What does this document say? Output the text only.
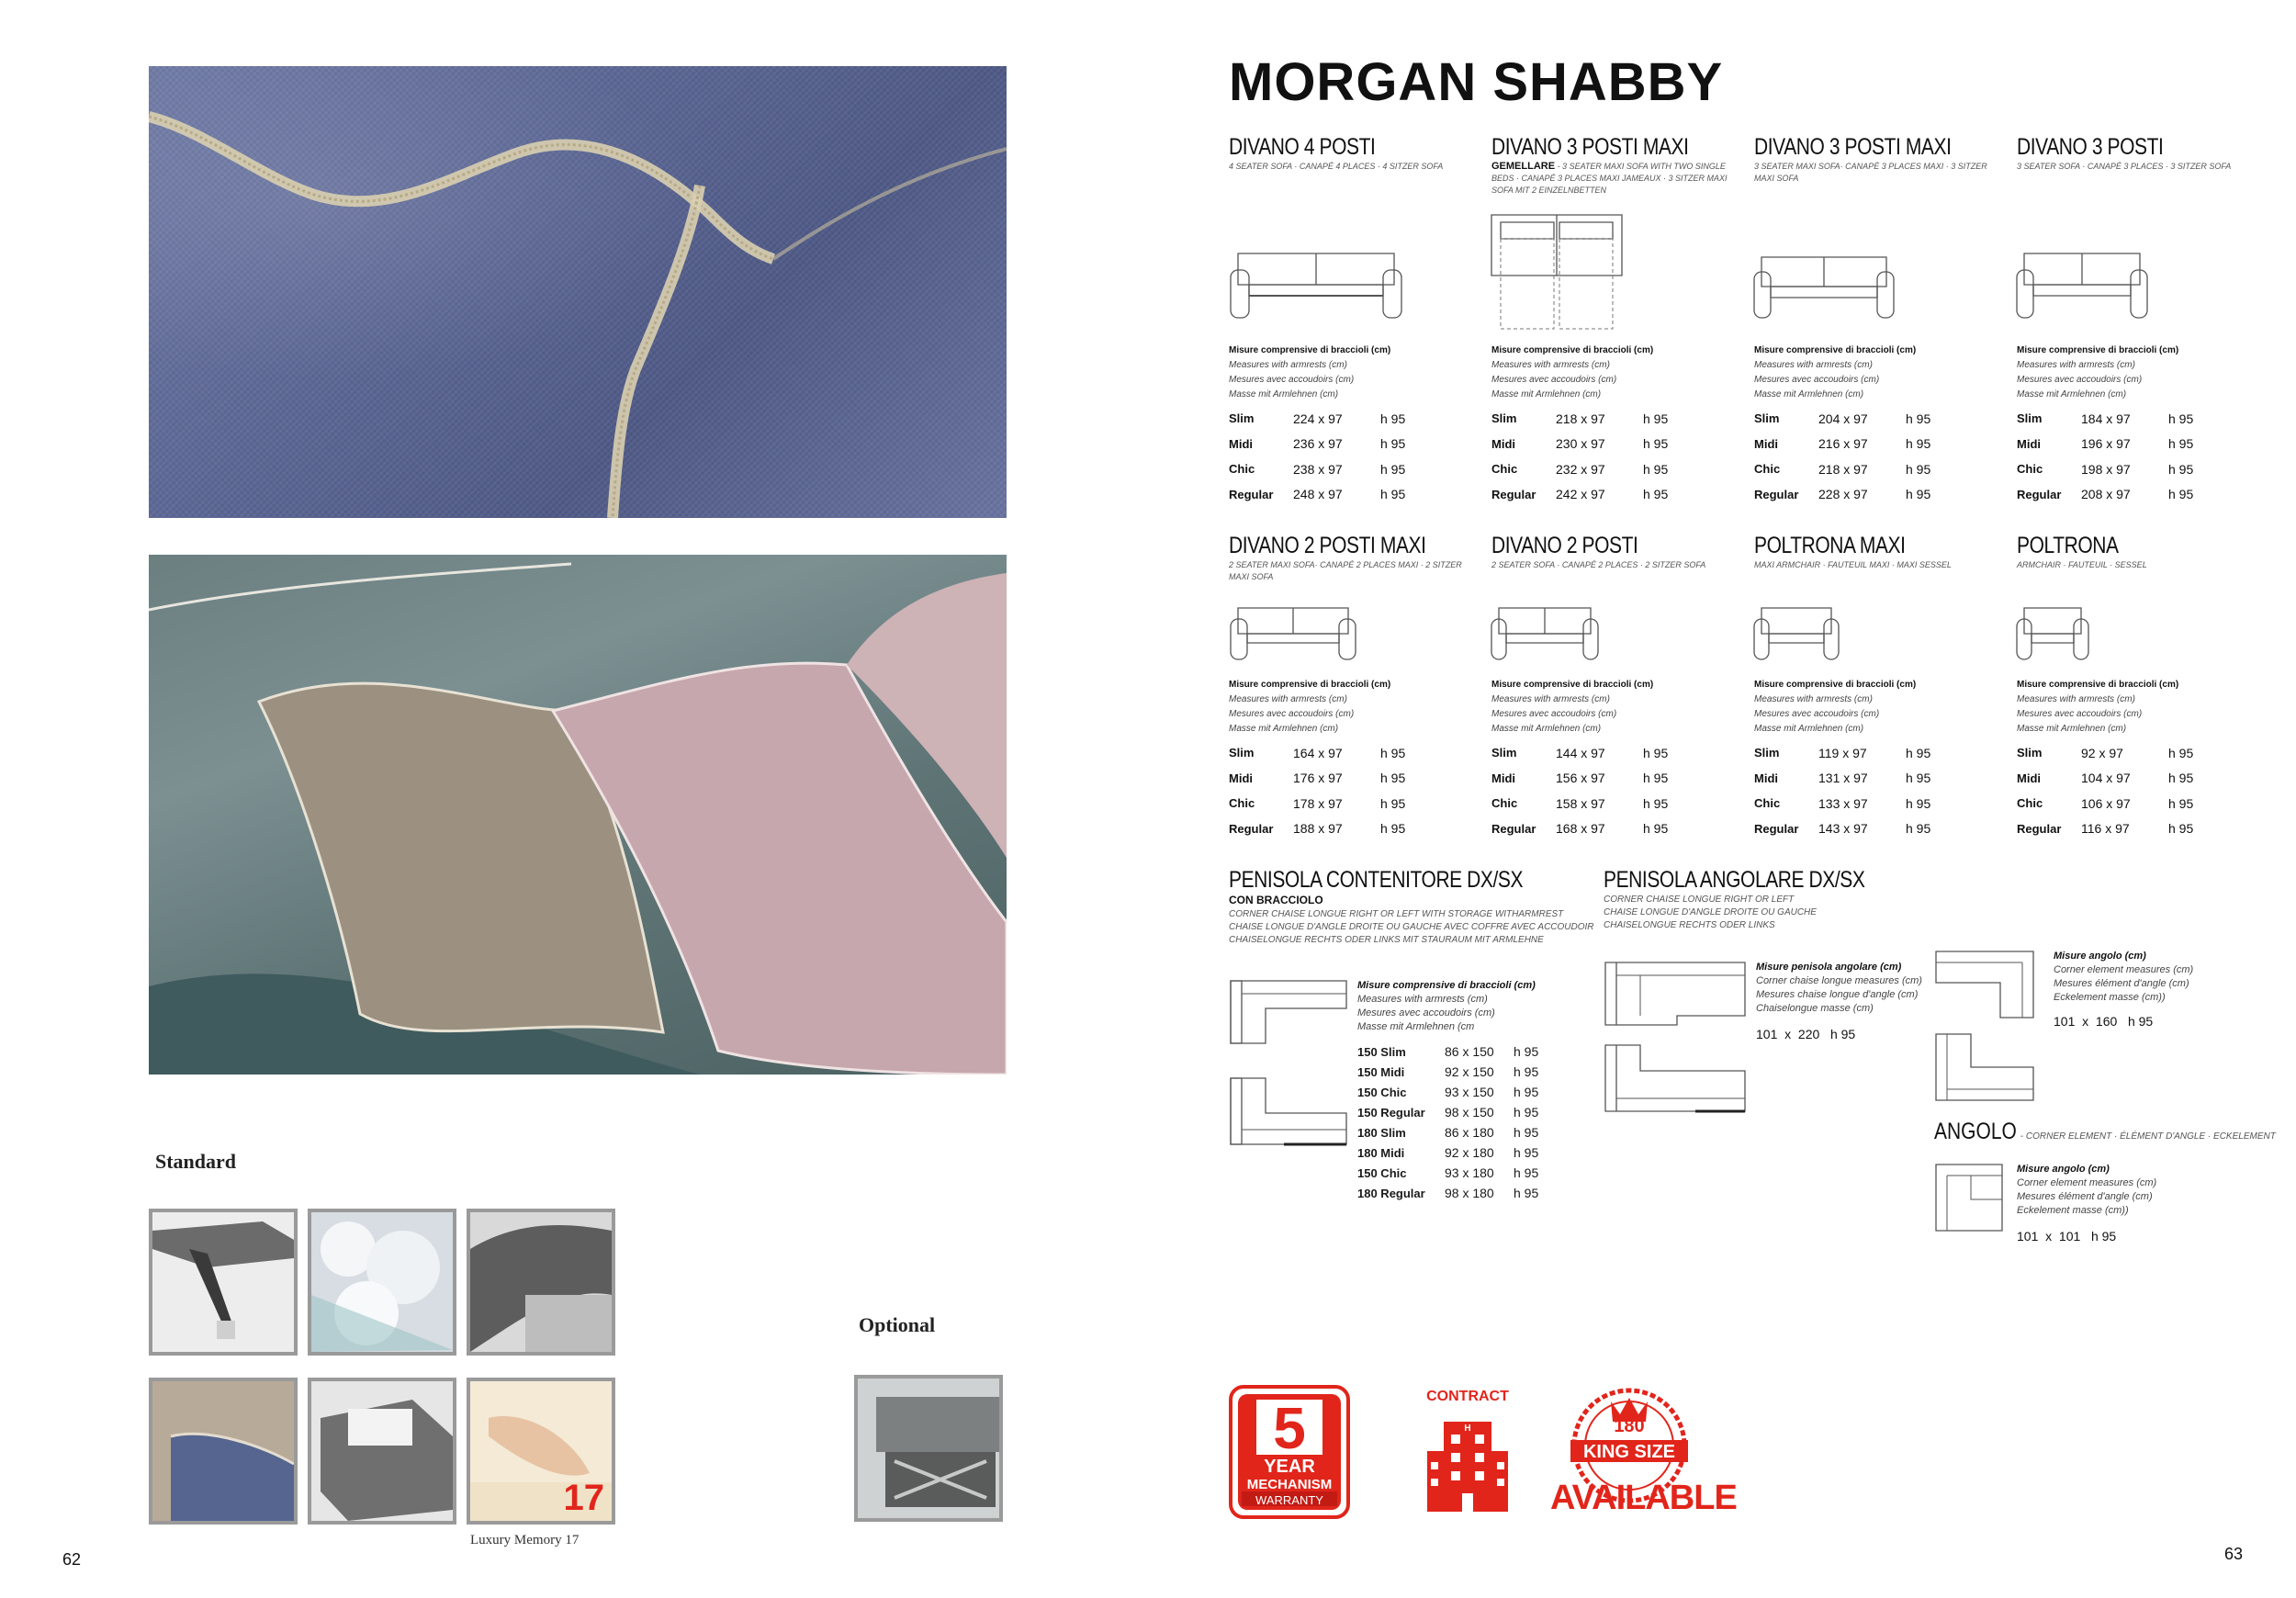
Standard
17
Luxury Memory 17
Optional
62
MORGAN SHABBY
DIVANO 4 POSTI
4 SEATER SOFA · CANAPÉ 4 PLACES · 4 SITZER SOFA
DIVANO 3 POSTI MAXI
GEMELLARE - 3 SEATER MAXI SOFA WITH TWO SINGLE BEDS · CANAPÉ 3 PLACES MAXI JAMEAUX · 3 SITZER MAXI SOFA MIT 2 EINZELNBETTEN
DIVANO 3 POSTI MAXI
3 SEATER MAXI SOFA· CANAPÉ 3 PLACES MAXI · 3 SITZER MAXI SOFA
DIVANO 3 POSTI
3 SEATER SOFA · CANAPÉ 3 PLACES · 3 SITZER SOFA
Misure comprensive di braccioli (cm)
Measures with armrests (cm)
Mesures avec accoudoirs (cm)
Masse mit Armlehnen (cm)
Misure comprensive di braccioli (cm)
Measures with armrests (cm)
Mesures avec accoudoirs (cm)
Masse mit Armlehnen (cm)
Misure comprensive di braccioli (cm)
Measures with armrests (cm)
Mesures avec accoudoirs (cm)
Masse mit Armlehnen (cm)
Misure comprensive di braccioli (cm)
Measures with armrests (cm)
Mesures avec accoudoirs (cm)
Masse mit Armlehnen (cm)
Slim	224 x 97	h 95
Midi	236 x 97	h 95
Chic	238 x 97	h 95
Regular	248 x 97	h 95
Slim	218 x 97	h 95
Midi	230 x 97	h 95
Chic	232 x 97	h 95
Regular	242 x 97	h 95
Slim	204 x 97	h 95
Midi	216 x 97	h 95
Chic	218 x 97	h 95
Regular	228 x 97	h 95
Slim	184 x 97	h 95
Midi	196 x 97	h 95
Chic	198 x 97	h 95
Regular	208 x 97	h 95
DIVANO 2 POSTI MAXI
2 SEATER MAXI SOFA· CANAPÉ 2 PLACES MAXI · 2 SITZER MAXI SOFA
DIVANO 2 POSTI
2 SEATER SOFA · CANAPÉ 2 PLACES · 2 SITZER SOFA
POLTRONA MAXI
MAXI ARMCHAIR · FAUTEUIL MAXI · MAXI SESSEL
POLTRONA
ARMCHAIR · FAUTEUIL · SESSEL
Misure comprensive di braccioli (cm)
Measures with armrests (cm)
Mesures avec accoudoirs (cm)
Masse mit Armlehnen (cm)
Misure comprensive di braccioli (cm)
Measures with armrests (cm)
Mesures avec accoudoirs (cm)
Masse mit Armlehnen (cm)
Misure comprensive di braccioli (cm)
Measures with armrests (cm)
Mesures avec accoudoirs (cm)
Masse mit Armlehnen (cm)
Misure comprensive di braccioli (cm)
Measures with armrests (cm)
Mesures avec accoudoirs (cm)
Masse mit Armlehnen (cm)
Slim	164 x 97	h 95
Midi	176 x 97	h 95
Chic	178 x 97	h 95
Regular	188 x 97	h 95
Slim	144 x 97	h 95
Midi	156 x 97	h 95
Chic	158 x 97	h 95
Regular	168 x 97	h 95
Slim	119 x 97	h 95
Midi	131 x 97	h 95
Chic	133 x 97	h 95
Regular	143 x 97	h 95
Slim	92 x 97	h 95
Midi	104 x 97	h 95
Chic	106 x 97	h 95
Regular	116 x 97	h 95
PENISOLA CONTENITORE DX/SX
CON BRACCIOLO
CORNER CHAISE LONGUE RIGHT OR LEFT WITH STORAGE WITHARMREST
CHAISE LONGUE D'ANGLE DROITE OU GAUCHE AVEC COFFRE AVEC ACCOUDOIR
CHAISELONGUE RECHTS ODER LINKS MIT STAURAUM MIT ARMLEHNE
Misure comprensive di braccioli (cm)
Measures with armrests (cm)
Mesures avec accoudoirs (cm)
Masse mit Armlehnen (cm
150 Slim	86 x 150	h 95
150 Midi	92 x 150	h 95
150 Chic	93 x 150	h 95
150 Regular	98 x 150	h 95
180 Slim	86 x 180	h 95
180 Midi	92 x 180	h 95
150 Chic	93 x 180	h 95
180 Regular	98 x 180	h 95
PENISOLA ANGOLARE DX/SX
CORNER CHAISE LONGUE RIGHT OR LEFT
CHAISE LONGUE D'ANGLE DROITE OU GAUCHE
CHAISELONGUE RECHTS ODER LINKS
Misure penisola angolare (cm)
Corner chaise longue measures (cm)
Mesures chaise longue d'angle (cm)
Chaiselongue masse (cm)
101  x  220   h 95
Misure angolo (cm)
Corner element measures (cm)
Mesures élément d'angle (cm)
Eckelement masse (cm))
101  x  160   h 95
ANGOLO - CORNER ELEMENT · ÉLÉMENT D'ANGLE · ECKELEMENT
Misure angolo (cm)
Corner element measures (cm)
Mesures élément d'angle (cm)
Eckelement masse (cm))
101  x  101   h 95
5
YEAR
MECHANISM
WARRANTY
CONTRACT
H	180
KING SIZE
AVAILABLE
63
